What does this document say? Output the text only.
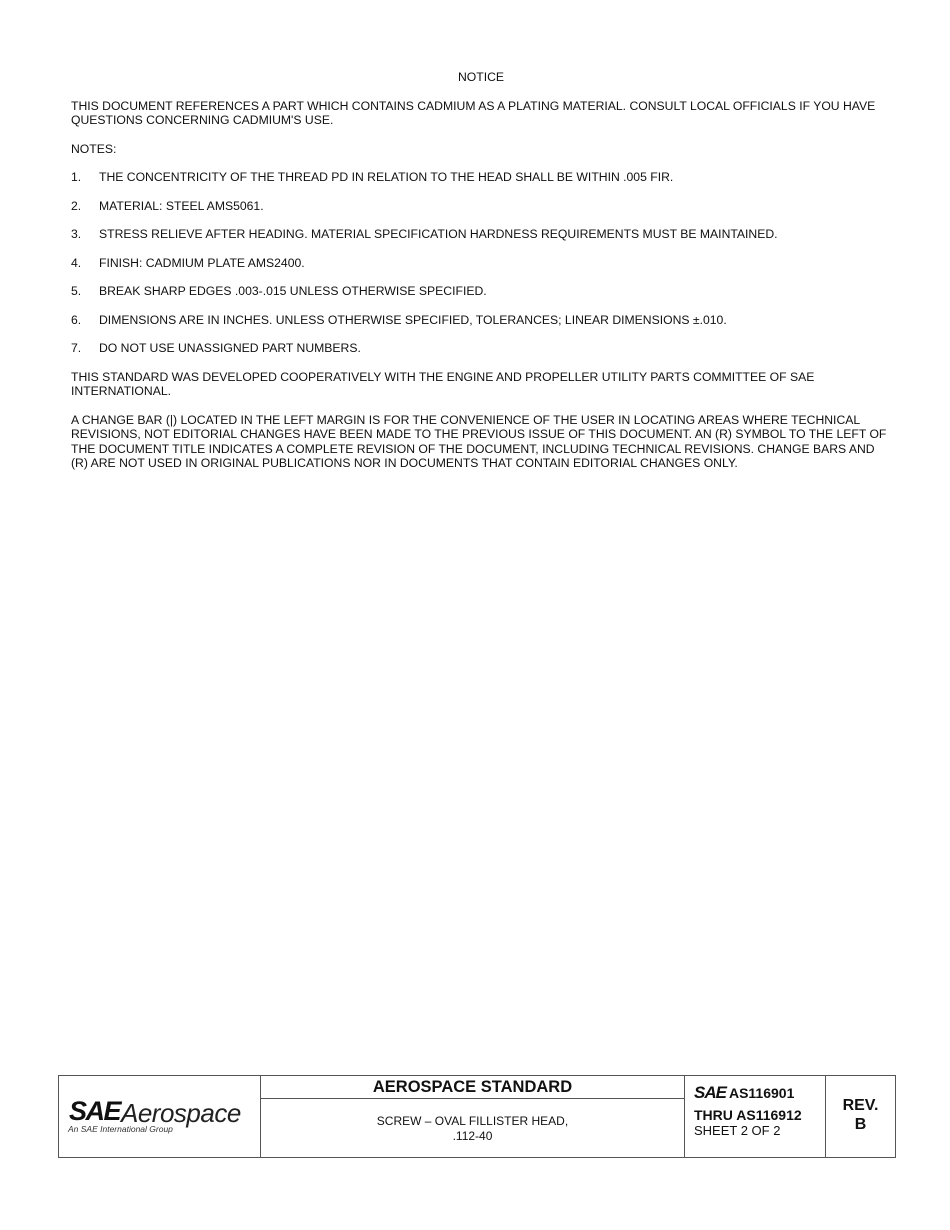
NOTICE
THIS DOCUMENT REFERENCES A PART WHICH CONTAINS CADMIUM AS A PLATING MATERIAL. CONSULT LOCAL OFFICIALS IF YOU HAVE QUESTIONS CONCERNING CADMIUM'S USE.
NOTES:
1.	THE CONCENTRICITY OF THE THREAD PD IN RELATION TO THE HEAD SHALL BE WITHIN .005 FIR.
2.	MATERIAL: STEEL AMS5061.
3.	STRESS RELIEVE AFTER HEADING. MATERIAL SPECIFICATION HARDNESS REQUIREMENTS MUST BE MAINTAINED.
4.	FINISH: CADMIUM PLATE AMS2400.
5.	BREAK SHARP EDGES .003-.015 UNLESS OTHERWISE SPECIFIED.
6.	DIMENSIONS ARE IN INCHES. UNLESS OTHERWISE SPECIFIED, TOLERANCES; LINEAR DIMENSIONS ±.010.
7.	DO NOT USE UNASSIGNED PART NUMBERS.
THIS STANDARD WAS DEVELOPED COOPERATIVELY WITH THE ENGINE AND PROPELLER UTILITY PARTS COMMITTEE OF SAE INTERNATIONAL.
A CHANGE BAR (|) LOCATED IN THE LEFT MARGIN IS FOR THE CONVENIENCE OF THE USER IN LOCATING AREAS WHERE TECHNICAL REVISIONS, NOT EDITORIAL CHANGES HAVE BEEN MADE TO THE PREVIOUS ISSUE OF THIS DOCUMENT. AN (R) SYMBOL TO THE LEFT OF THE DOCUMENT TITLE INDICATES A COMPLETE REVISION OF THE DOCUMENT, INCLUDING TECHNICAL REVISIONS. CHANGE BARS AND (R) ARE NOT USED IN ORIGINAL PUBLICATIONS NOR IN DOCUMENTS THAT CONTAIN EDITORIAL CHANGES ONLY.
SAE Aerospace
An SAE International Group
AEROSPACE STANDARD
SCREW – OVAL FILLISTER HEAD,
.112-40
SAE AS116901
THRU AS116912
SHEET 2 OF 2
REV.
B
